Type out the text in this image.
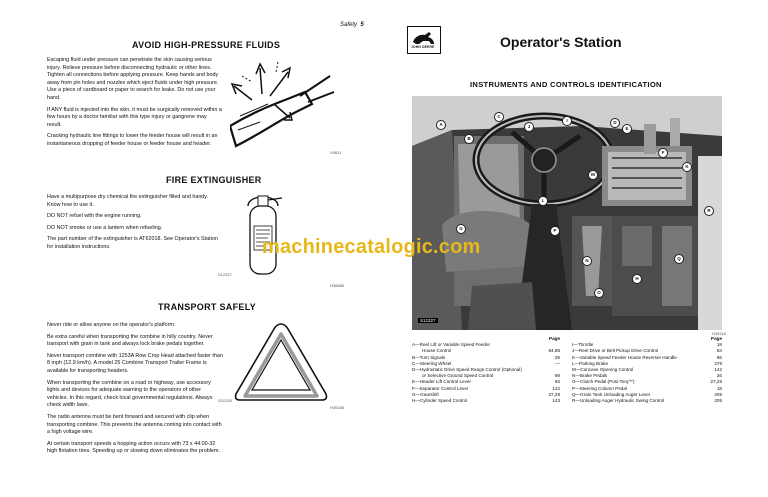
Safety 5
AVOID HIGH-PRESSURE FLUIDS

Escaping fluid under pressure can penetrate the skin causing serious injury. Relieve pressure before disconnecting hydraulic or other lines. Tighten all connections before applying pressure. Keep hands and body away from pin holes and nozzles which eject fluids under high pressure. Use a piece of cardboard or paper to search for leaks. Do not use your hand.

If ANY fluid is injected into the skin, it must be surgically removed within a few hours by a doctor familiar with this type injury or gangrene may result.

Cracking hydraulic line fittings to lower the feeder house will result in an instantaneous dropping of feeder house or feeder house and header.

X9811
FIRE EXTINGUISHER

Have a multipurpose dry chemical fire extinguisher filled and handy. Know how to use it.

DO NOT refuel with the engine running.

DO NOT smoke or use a lantern when refueling.

The part number of the extinguisher is AT62018. See Operator's Station for installation instructions.

S12327
H36885
TRANSPORT SAFELY

Never ride or allow anyone on the operator's platform.

Be extra careful when transporting the combine in hilly country. Never transport with grain in tank and always lock brake pedals together.

Never transport combine with 1253A Row Crop Head attached faster than 8 mph (12.9 km/h). A model 25 Combine Transport Trailer Frame is available for transporting headers.

When transporting the combine on a road or highway, use accessory lights and devices for adequate warning to the operators of other vehicles. In this regard, check local governmental regulations. Always check width laws.

The radio antenna must be bent forward and secured with clip when transporting combine. This prevents the antenna coming into contact with a high voltage wire.

At certain transport speeds a hopping action occurs with 73 x 44.00-32 high flotation tires. Speeding up or slowing down eliminates the problem.

S31335
H35336
JOHN DEERE	Operator's Station
INSTRUMENTS AND CONTROLS IDENTIFICATION
A
B
C
D
E
F
G
H
I
J
K
L
M
N
O
P
Q
R
S12327
H35316
Page
A—Reel Lift or Variable Speed Feeder
House Control	84,85
B—Turn Signals	29
C—Steering Wheel	—
D—Hydrostatic Drive Speed Range Control (Optional)
or Selective Ground Speed Control	98
E—Header Lift Control Lever	83
F—Separator Control Lever	142
G—Gearshift	27,28
H—Cylinder Speed Control	143
Page
I—Throttle	18
J—Reel Drive or Belt Pickup Drive Control	84
K—Variable Speed Feeder House Reverser Handle	86
L—Parking Brake	279
M—Concave Opening Control	142
N—Brake Pedals	26
O—Clutch Pedal (Posi-Torq™)	27,28
P—Steering Column Pedal	18
Q—Grain Tank Unloading Auger Lever	205
R—Unloading Auger Hydraulic Swing Control	205
machinecatalogic.com
